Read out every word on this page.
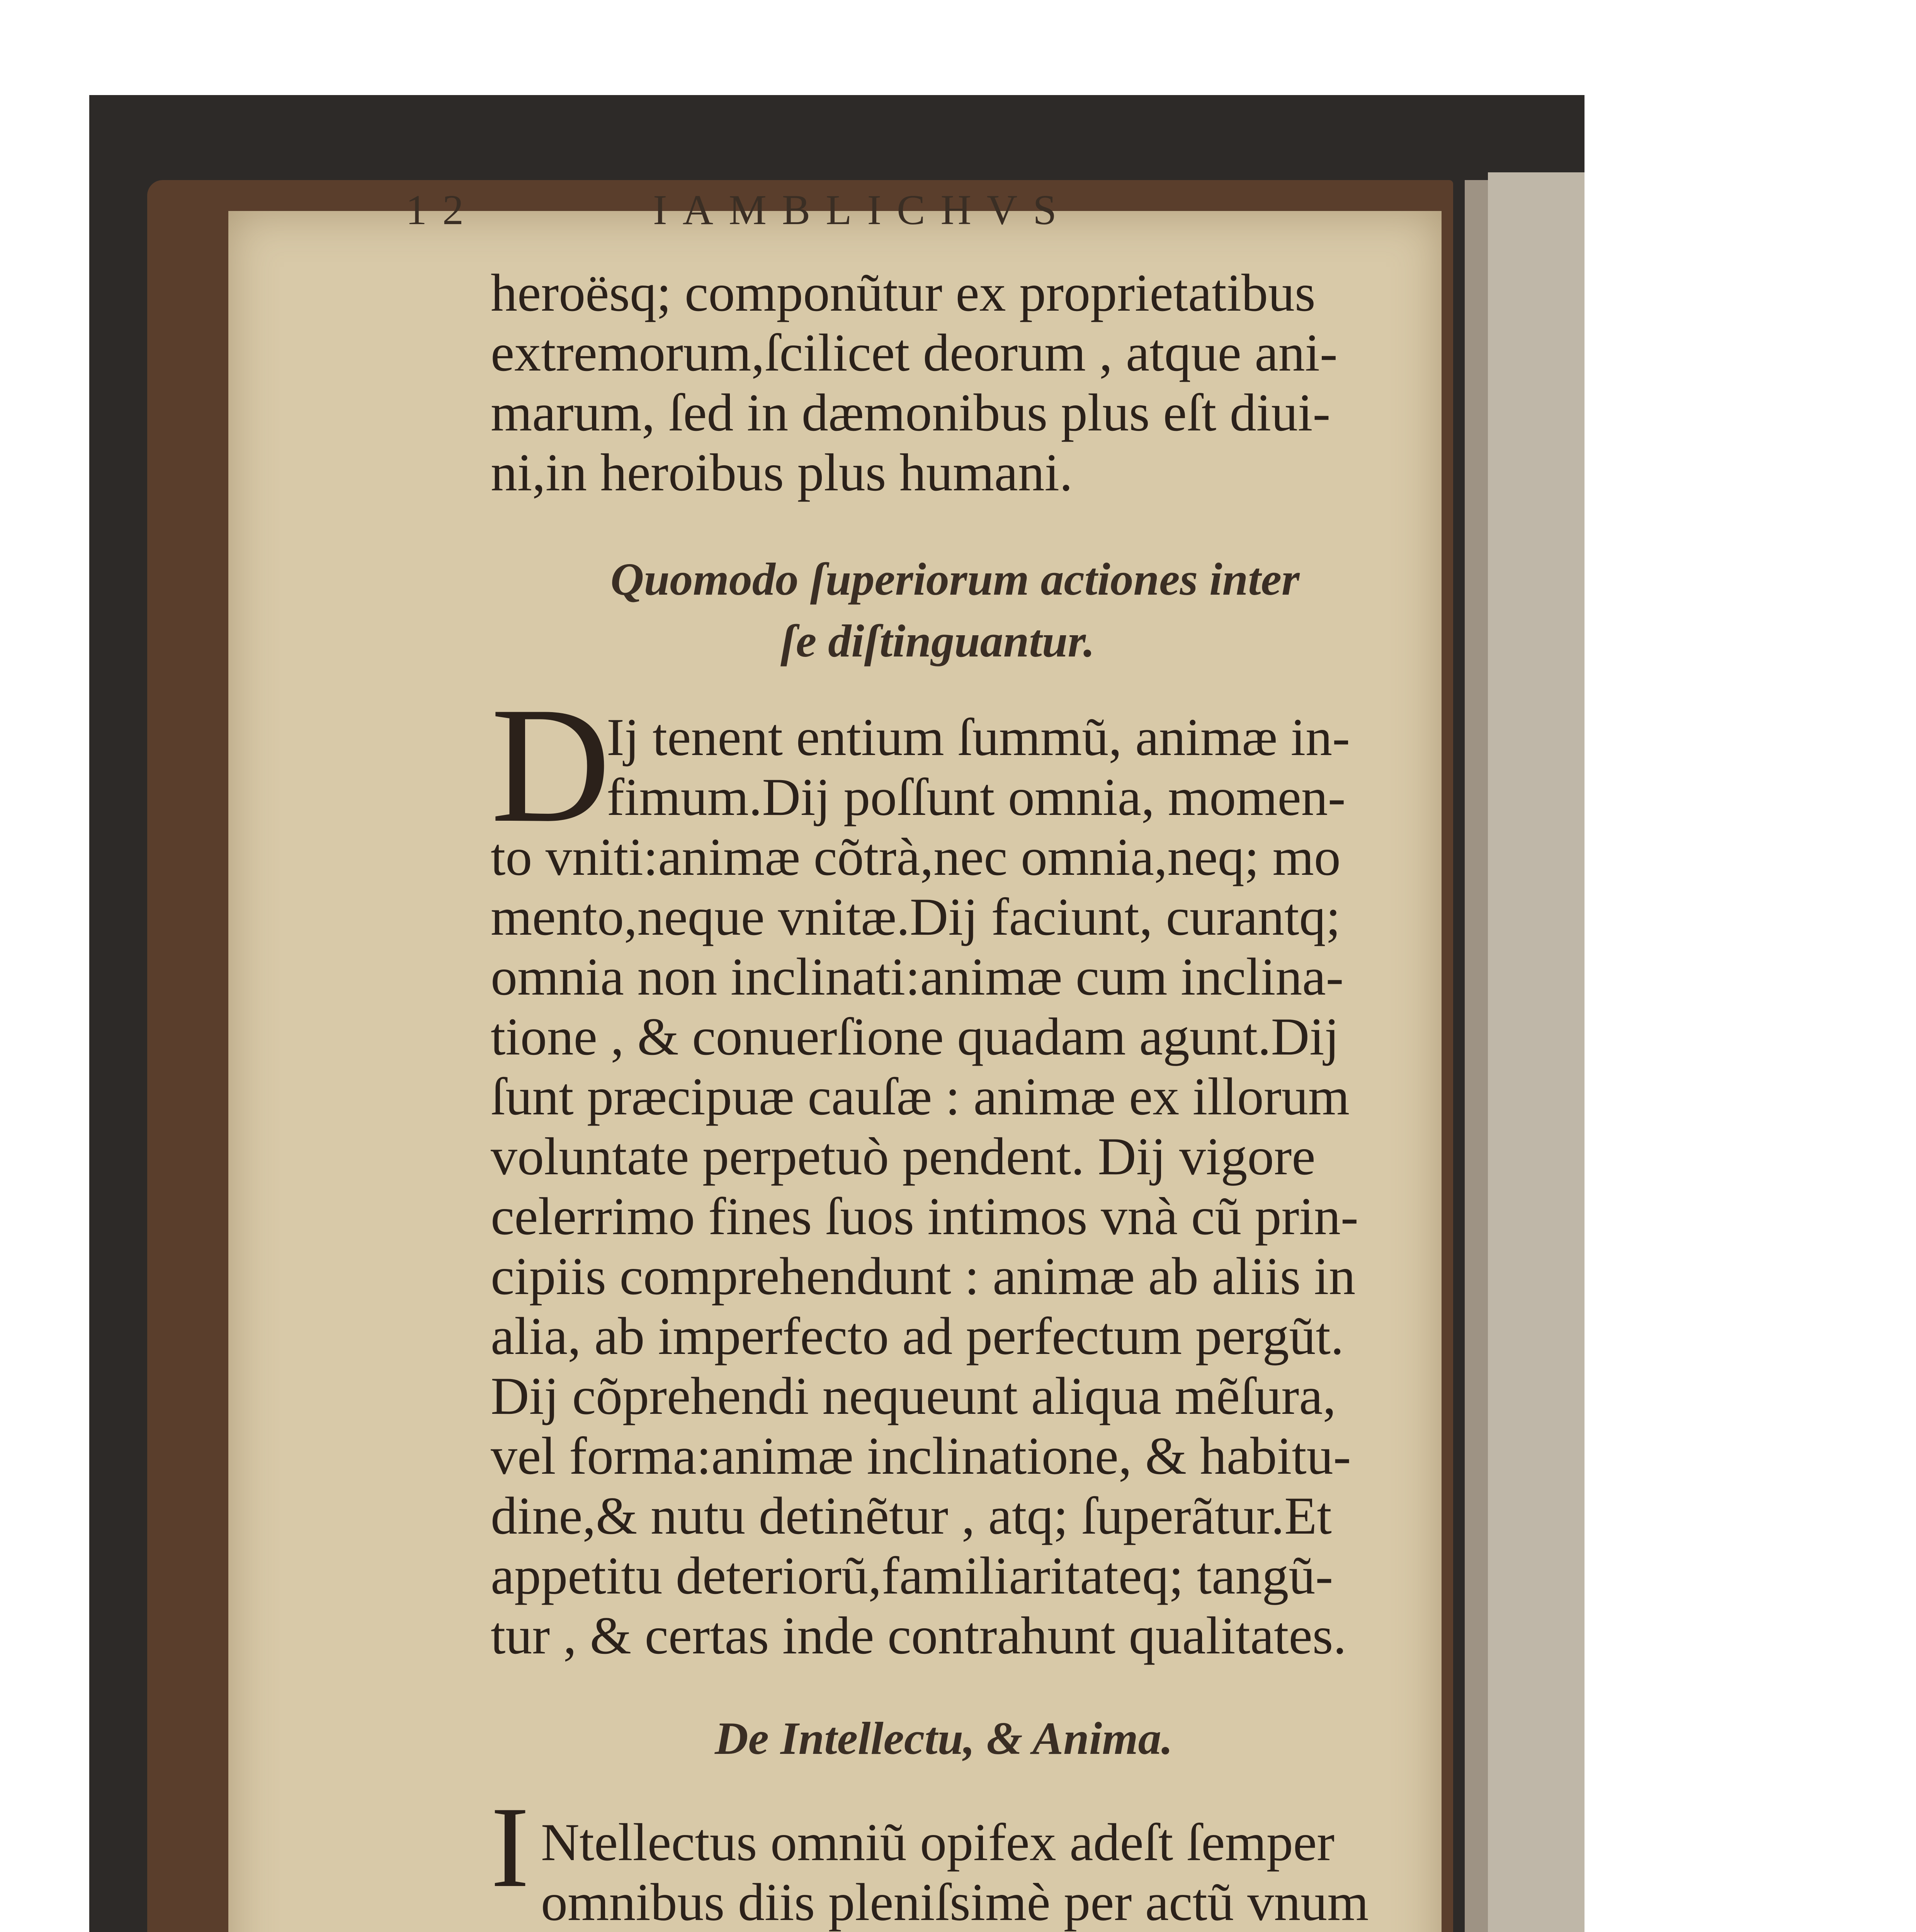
12	IAMBLICHVS
heroësq; componũtur ex proprietatibus
extremorum,ſcilicet deorum , atque ani-
marum, ſed in dæmonibus plus eſt diui-
ni,in heroibus plus humani.
Quomodo ſuperiorum actiones inter
ſe diſtinguantur.
D
Ij tenent entium ſummũ, animæ in-
fimum.Dij poſſunt omnia, momen-
to vniti:animæ cõtrà,nec omnia,neq; mo
mento,neque vnitæ.Dij faciunt, curantq;
omnia non inclinati:animæ cum inclina-
tione , & conuerſione quadam agunt.Dij
ſunt præcipuæ cauſæ : animæ ex illorum
voluntate perpetuò pendent. Dij vigore
celerrimo fines ſuos intimos vnà cũ prin-
cipiis comprehendunt : animæ ab aliis in
alia, ab imperfecto ad perfectum pergũt.
Dij cõprehendi nequeunt aliqua mẽſura,
vel forma:animæ inclinatione, & habitu-
dine,& nutu detinẽtur , atq; ſuperãtur.Et
appetitu deteriorũ,familiaritateq; tangũ-
tur , & certas inde contrahunt qualitates.
De Intellectu, & Anima.
I Ntellectus omniũ opifex adeſt ſemper
omnibus diis pleniſsimè per actũ vnum
